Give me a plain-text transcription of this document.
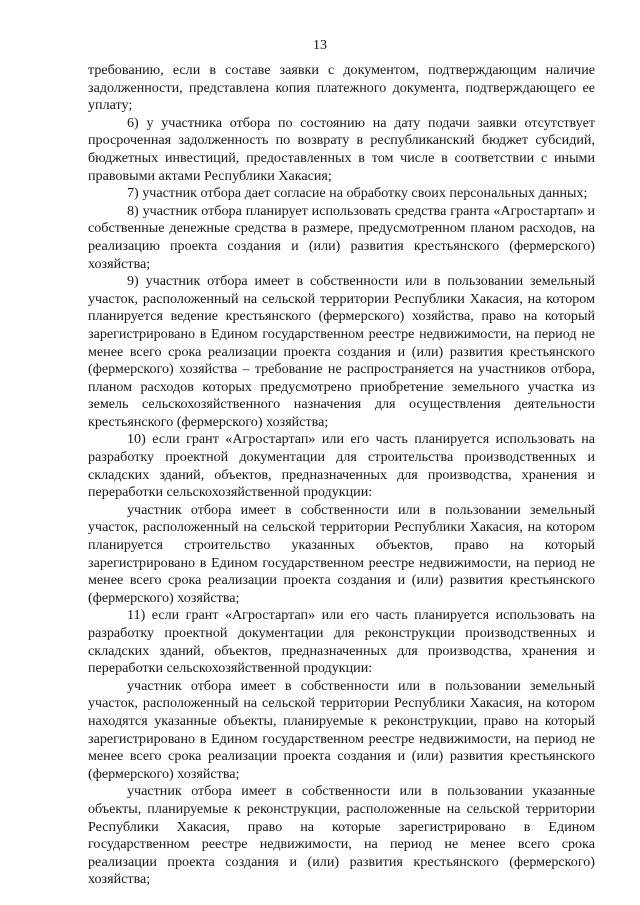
13

требованию, если в составе заявки с документом, подтверждающим наличие задолженности, представлена копия платежного документа, подтверждающего ее уплату;

6) у участника отбора по состоянию на дату подачи заявки отсутствует просроченная задолженность по возврату в республиканский бюджет субсидий, бюджетных инвестиций, предоставленных в том числе в соответствии с иными правовыми актами Республики Хакасия;

7) участник отбора дает согласие на обработку своих персональных данных;

8) участник отбора планирует использовать средства гранта «Агростартап» и собственные денежные средства в размере, предусмотренном планом расходов, на реализацию проекта создания и (или) развития крестьянского (фермерского) хозяйства;

9) участник отбора имеет в собственности или в пользовании земельный участок, расположенный на сельской территории Республики Хакасия, на котором планируется ведение крестьянского (фермерского) хозяйства, право на который зарегистрировано в Едином государственном реестре недвижимости, на период не менее всего срока реализации проекта создания и (или) развития крестьянского (фермерского) хозяйства – требование не распространяется на участников отбора, планом расходов которых предусмотрено приобретение земельного участка из земель сельскохозяйственного назначения для осуществления деятельности крестьянского (фермерского) хозяйства;

10) если грант «Агростартап» или его часть планируется использовать на разработку проектной документации для строительства производственных и складских зданий, объектов, предназначенных для производства, хранения и переработки сельскохозяйственной продукции:

участник отбора имеет в собственности или в пользовании земельный участок, расположенный на сельской территории Республики Хакасия, на котором планируется строительство указанных объектов, право на который зарегистрировано в Едином государственном реестре недвижимости, на период не менее всего срока реализации проекта создания и (или) развития крестьянского (фермерского) хозяйства;

11) если грант «Агростартап» или его часть планируется использовать на разработку проектной документации для реконструкции производственных и складских зданий, объектов, предназначенных для производства, хранения и переработки сельскохозяйственной продукции:

участник отбора имеет в собственности или в пользовании земельный участок, расположенный на сельской территории Республики Хакасия, на котором находятся указанные объекты, планируемые к реконструкции, право на который зарегистрировано в Едином государственном реестре недвижимости, на период не менее всего срока реализации проекта создания и (или) развития крестьянского (фермерского) хозяйства;

участник отбора имеет в собственности или в пользовании указанные объекты, планируемые к реконструкции, расположенные на сельской территории Республики Хакасия, право на которые зарегистрировано в Едином государственном реестре недвижимости, на период не менее всего срока реализации проекта создания и (или) развития крестьянского (фермерского) хозяйства;
